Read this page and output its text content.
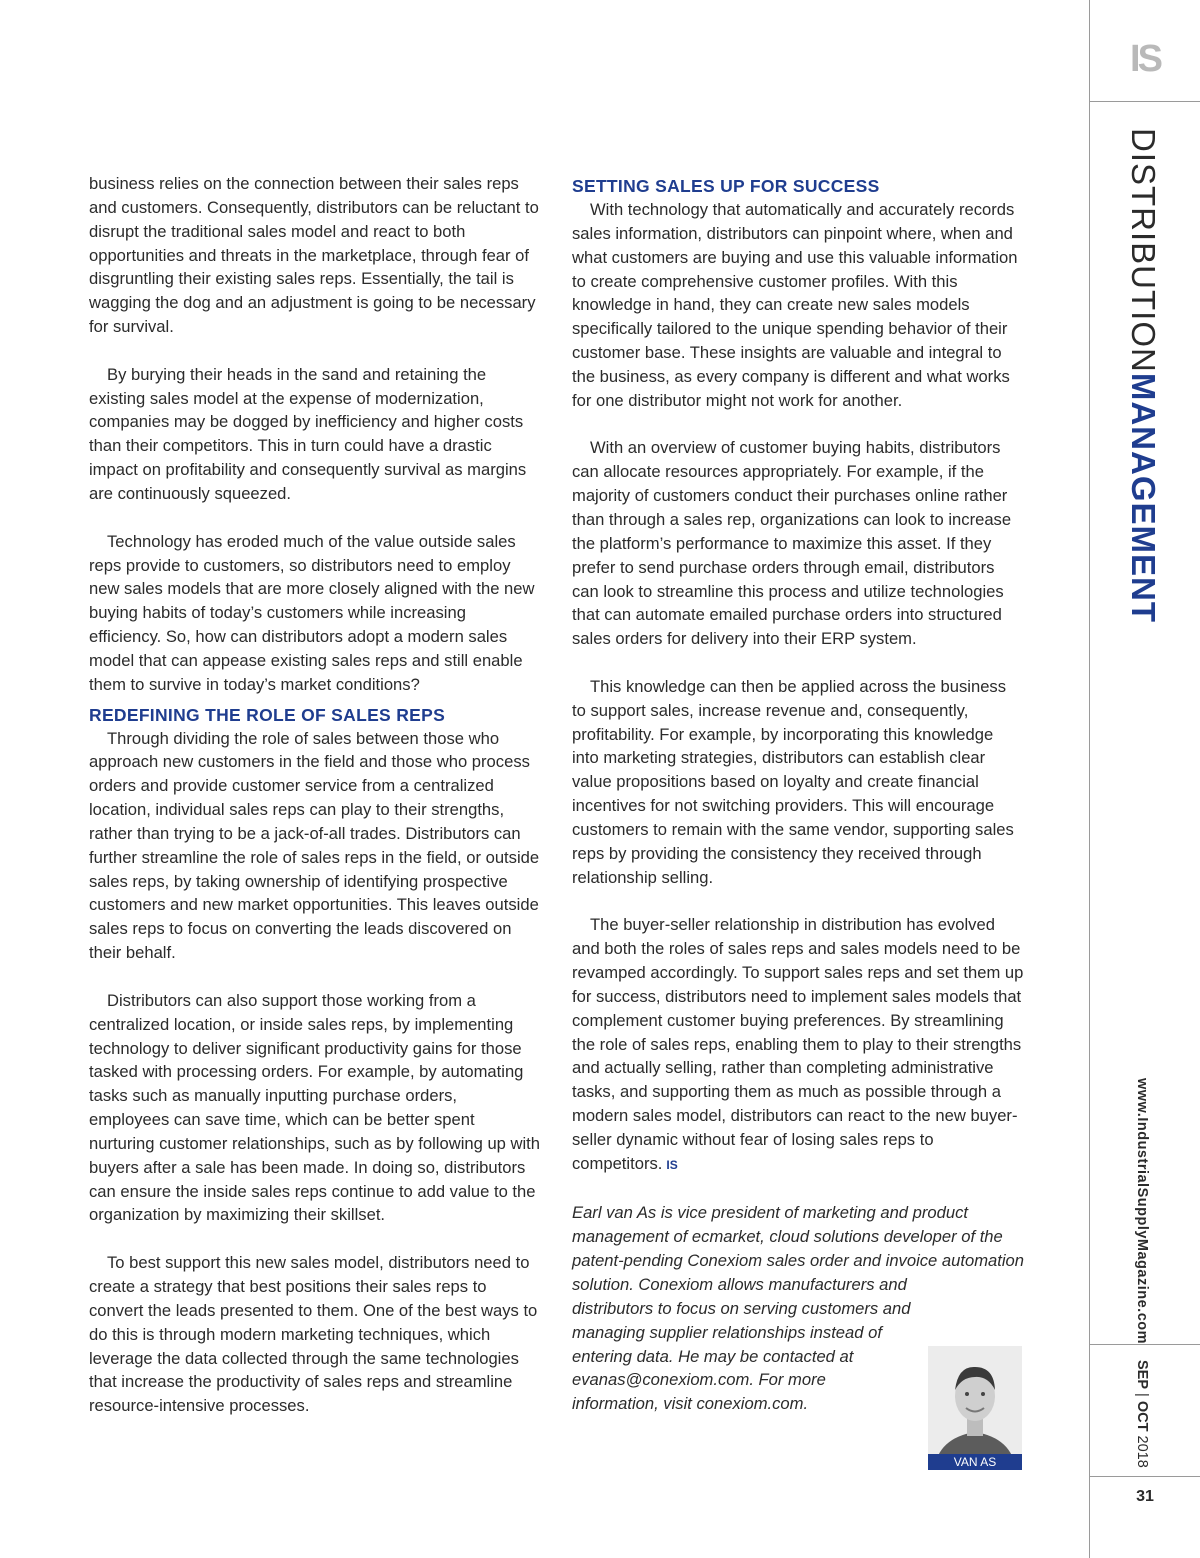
business relies on the connection between their sales reps and customers. Consequently, distributors can be reluctant to disrupt the traditional sales model and react to both opportunities and threats in the marketplace, through fear of disgruntling their existing sales reps. Essentially, the tail is wagging the dog and an adjustment is going to be necessary for survival.

By burying their heads in the sand and retaining the existing sales model at the expense of modernization, companies may be dogged by inefficiency and higher costs than their competitors. This in turn could have a drastic impact on profitability and consequently survival as margins are continuously squeezed.

Technology has eroded much of the value outside sales reps provide to customers, so distributors need to employ new sales models that are more closely aligned with the new buying habits of today’s customers while increasing efficiency. So, how can distributors adopt a modern sales model that can appease existing sales reps and still enable them to survive in today’s market conditions?

REDEFINING THE ROLE OF SALES REPS

Through dividing the role of sales between those who approach new customers in the field and those who process orders and provide customer service from a centralized location, individual sales reps can play to their strengths, rather than trying to be a jack-of-all trades. Distributors can further streamline the role of sales reps in the field, or outside sales reps, by taking ownership of identifying prospective customers and new market opportunities. This leaves outside sales reps to focus on converting the leads discovered on their behalf.

Distributors can also support those working from a centralized location, or inside sales reps, by implementing technology to deliver significant productivity gains for those tasked with processing orders. For example, by automating tasks such as manually inputting purchase orders, employees can save time, which can be better spent nurturing customer relationships, such as by following up with buyers after a sale has been made. In doing so, distributors can ensure the inside sales reps continue to add value to the organization by maximizing their skillset.

To best support this new sales model, distributors need to create a strategy that best positions their sales reps to convert the leads presented to them. One of the best ways to do this is through modern marketing techniques, which leverage the data collected through the same technologies that increase the productivity of sales reps and streamline resource-intensive processes.

SETTING SALES UP FOR SUCCESS

With technology that automatically and accurately records sales information, distributors can pinpoint where, when and what customers are buying and use this valuable information to create comprehensive customer profiles. With this knowledge in hand, they can create new sales models specifically tailored to the unique spending behavior of their customer base. These insights are valuable and integral to the business, as every company is different and what works for one distributor might not work for another.

With an overview of customer buying habits, distributors can allocate resources appropriately. For example, if the majority of customers conduct their purchases online rather than through a sales rep, organizations can look to increase the platform’s performance to maximize this asset. If they prefer to send purchase orders through email, distributors can look to streamline this process and utilize technologies that can automate emailed purchase orders into structured sales orders for delivery into their ERP system.

This knowledge can then be applied across the business to support sales, increase revenue and, consequently, profitability. For example, by incorporating this knowledge into marketing strategies, distributors can establish clear value propositions based on loyalty and create financial incentives for not switching providers. This will encourage customers to remain with the same vendor, supporting sales reps by providing the consistency they received through relationship selling.

The buyer-seller relationship in distribution has evolved and both the roles of sales reps and sales models need to be revamped accordingly. To support sales reps and set them up for success, distributors need to implement sales models that complement customer buying preferences. By streamlining the role of sales reps, enabling them to play to their strengths and actually selling, rather than completing administrative tasks, and supporting them as much as possible through a modern sales model, distributors can react to the new buyer-seller dynamic without fear of losing sales reps to competitors. IS

Earl van As is vice president of marketing and product management of ecmarket, cloud solutions developer of the patent-pending Conexiom sales order and invoice automation solution. Conexiom allows manufacturers and

distributors to focus on serving customers and managing supplier relationships instead of entering data. He may be contacted at evanas@conexiom.com. For more information, visit conexiom.com.

VAN AS
IS
DISTRIBUTIONMANAGEMENT
www.IndustrialSupplyMagazine.com
SEP | OCT 2018
31
